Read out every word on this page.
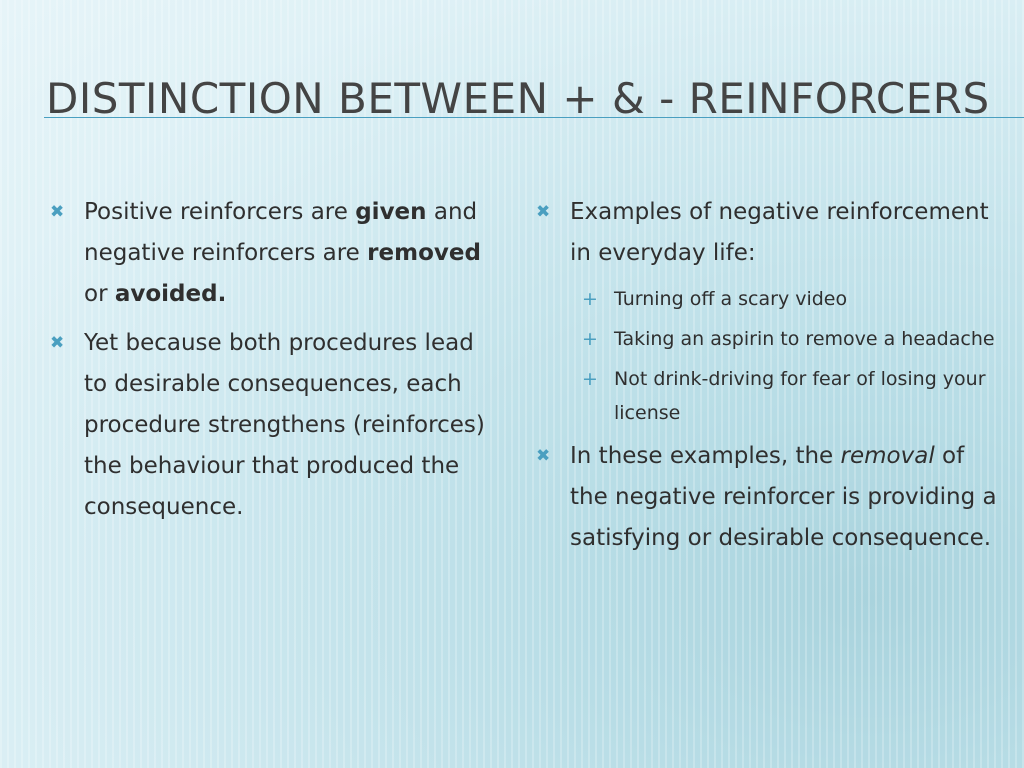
DISTINCTION BETWEEN + & - REINFORCERS
✖ Positive reinforcers are given and negative reinforcers are removed or avoided.
✖ Yet because both procedures lead to desirable consequences, each procedure strengthens (reinforces) the behaviour that produced the consequence.
✖ Examples of negative reinforcement in everyday life:
+ Turning off a scary video
+ Taking an aspirin to remove a headache
+ Not drink-driving for fear of losing your license
✖ In these examples, the removal of the negative reinforcer is providing a satisfying or desirable consequence.
